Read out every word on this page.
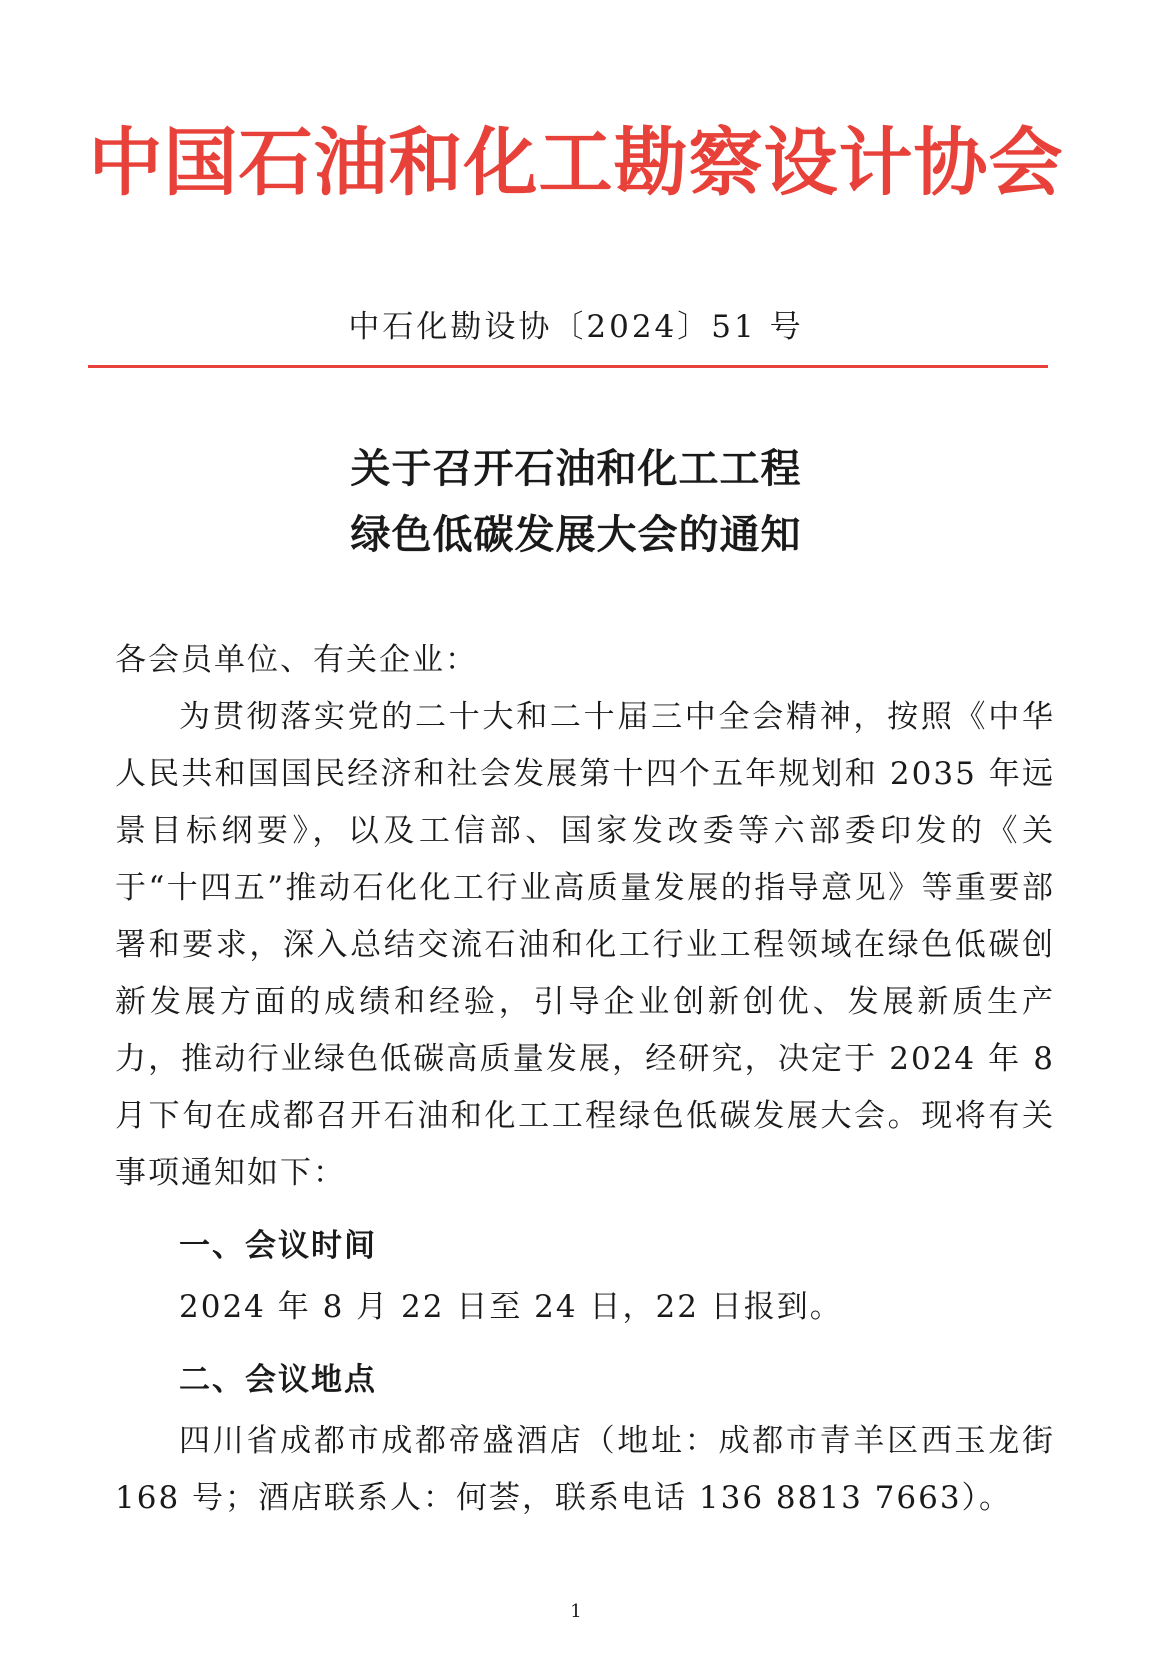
中国石油和化工勘察设计协会
中石化勘设协〔2024〕51 号
关于召开石油和化工工程
绿色低碳发展大会的通知

各会员单位、有关企业：

为贯彻落实党的二十大和二十届三中全会精神，按照《中华人民共和国国民经济和社会发展第十四个五年规划和 2035 年远景目标纲要》，以及工信部、国家发改委等六部委印发的《关于“十四五”推动石化化工行业高质量发展的指导意见》等重要部署和要求，深入总结交流石油和化工行业工程领域在绿色低碳创新发展方面的成绩和经验，引导企业创新创优、发展新质生产力，推动行业绿色低碳高质量发展，经研究，决定于 2024 年 8 月下旬在成都召开石油和化工工程绿色低碳发展大会。现将有关事项通知如下：

一、会议时间

2024 年 8 月 22 日至 24 日，22 日报到。

二、会议地点

四川省成都市成都帝盛酒店（地址：成都市青羊区西玉龙街 168 号；酒店联系人：何荟，联系电话 136 8813 7663）。

1
